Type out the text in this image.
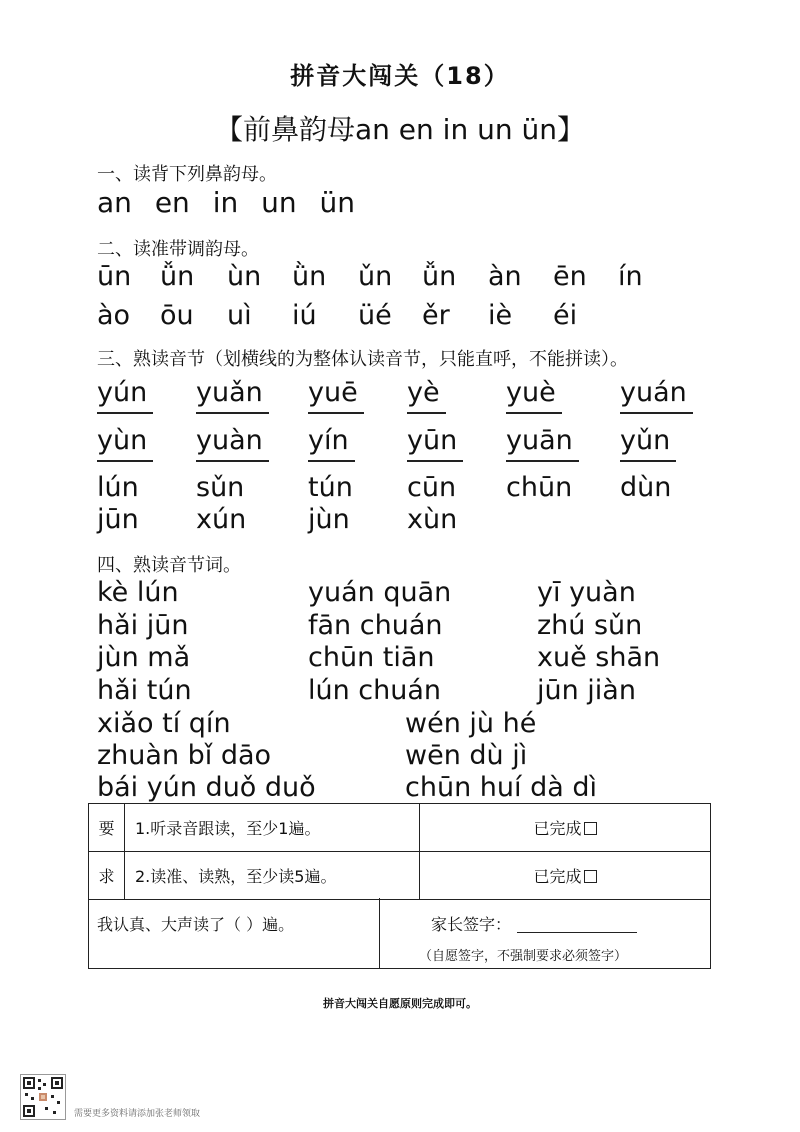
拼音大闯关（18）
【前鼻韵母an en in un ün】
一、读背下列鼻韵母。
an en in un ün
二、读准带调韵母。
ūn ǚn ùn ǜn ǔn ǚn àn ēn ín
ào ōu uì iú üé ěr iè éi
三、熟读音节（划横线的为整体认读音节，只能直呼，不能拼读）。
yún yuǎn yuē yè yuè yuán
yùn yuàn yín yūn yuān yǔn
lún sǔn tún cūn chūn dùn
jūn xún jùn xùn
四、熟读音节词。
kè lún	yuán quān	yī yuàn
hǎi jūn	fān chuán	zhú sǔn
jùn mǎ	chūn tiān	xuě shān
hǎi tún	lún chuán	jūn jiàn
xiǎo tí qín	wén jù hé
zhuàn bǐ dāo	wēn dù jì
bái yún duǒ duǒ	chūn huí dà dì
要	1.听录音跟读，至少1遍。	已完成
求	2.读准、读熟，至少读5遍。	已完成
我认真、大声读了（ ）遍。	家长签字：
（自愿签字，不强制要求必须签字）
拼音大闯关自愿原则完成即可。
需要更多资料请添加张老师领取
